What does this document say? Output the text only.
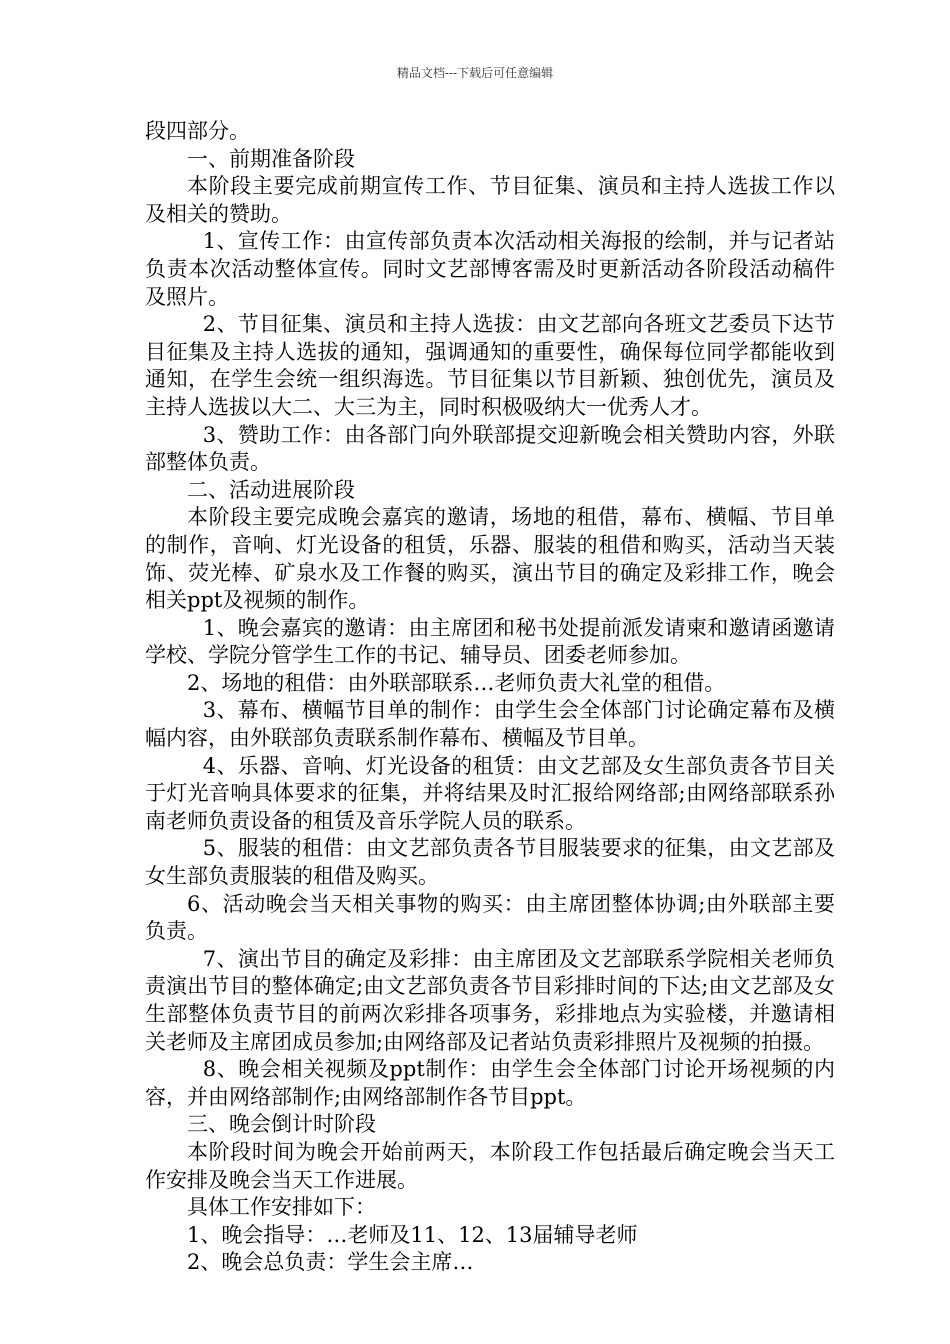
精品文档---下载后可任意编辑

段四部分。

一、前期准备阶段

本阶段主要完成前期宣传工作、节目征集、演员和主持人选拔工作以及相关的赞助。

1、宣传工作：由宣传部负责本次活动相关海报的绘制，并与记者站负责本次活动整体宣传。同时文艺部博客需及时更新活动各阶段活动稿件及照片。

2、节目征集、演员和主持人选拔：由文艺部向各班文艺委员下达节目征集及主持人选拔的通知，强调通知的重要性，确保每位同学都能收到通知，在学生会统一组织海选。节目征集以节目新颖、独创优先，演员及主持人选拔以大二、大三为主，同时积极吸纳大一优秀人才。

3、赞助工作：由各部门向外联部提交迎新晚会相关赞助内容，外联部整体负责。

二、活动进展阶段

本阶段主要完成晚会嘉宾的邀请，场地的租借，幕布、横幅、节目单的制作，音响、灯光设备的租赁，乐器、服装的租借和购买，活动当天装饰、荧光棒、矿泉水及工作餐的购买，演出节目的确定及彩排工作，晚会相关ppt及视频的制作。

1、晚会嘉宾的邀请：由主席团和秘书处提前派发请柬和邀请函邀请学校、学院分管学生工作的书记、辅导员、团委老师参加。

2、场地的租借：由外联部联系…老师负责大礼堂的租借。

3、幕布、横幅节目单的制作：由学生会全体部门讨论确定幕布及横幅内容，由外联部负责联系制作幕布、横幅及节目单。

4、乐器、音响、灯光设备的租赁：由文艺部及女生部负责各节目关于灯光音响具体要求的征集，并将结果及时汇报给网络部;由网络部联系孙南老师负责设备的租赁及音乐学院人员的联系。

5、服装的租借：由文艺部负责各节目服装要求的征集，由文艺部及女生部负责服装的租借及购买。

6、活动晚会当天相关事物的购买：由主席团整体协调;由外联部主要负责。

7、演出节目的确定及彩排：由主席团及文艺部联系学院相关老师负责演出节目的整体确定;由文艺部负责各节目彩排时间的下达;由文艺部及女生部整体负责节目的前两次彩排各项事务，彩排地点为实验楼，并邀请相关老师及主席团成员参加;由网络部及记者站负责彩排照片及视频的拍摄。

8、晚会相关视频及ppt制作：由学生会全体部门讨论开场视频的内容，并由网络部制作;由网络部制作各节目ppt。

三、晚会倒计时阶段

本阶段时间为晚会开始前两天，本阶段工作包括最后确定晚会当天工作安排及晚会当天工作进展。

具体工作安排如下：

1、晚会指导：…老师及11、12、13届辅导老师

2、晚会总负责：学生会主席…
